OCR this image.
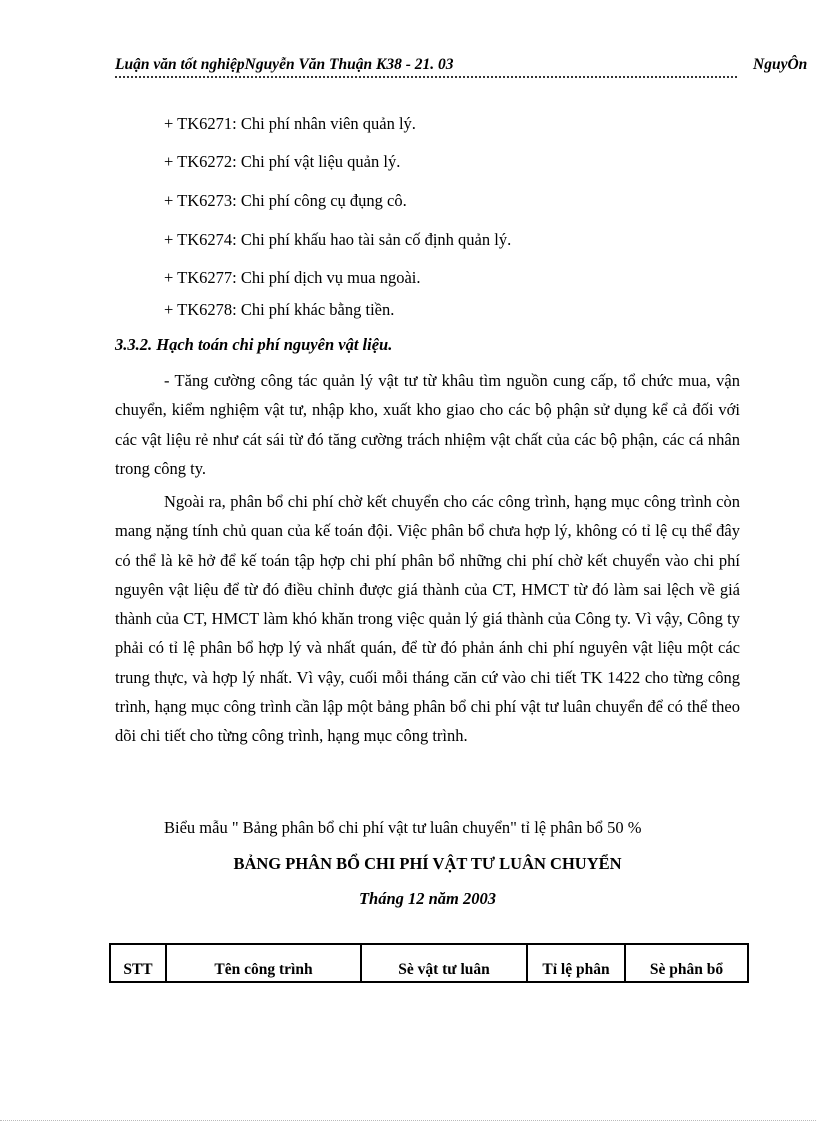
Luận văn tốt nghiệpNguyễn Văn Thuận K38 - 21. 03	NguyÔn
+ TK6271: Chi phí nhân viên quản lý.
+ TK6272: Chi phí vật liệu quản lý.
+ TK6273: Chi phí công cụ đụng cô.
+ TK6274: Chi phí khấu hao tài sản cố định quản lý.
+ TK6277: Chi phí dịch vụ mua ngoài.
+ TK6278: Chi phí khác bằng tiền.
3.3.2. Hạch toán chi phí nguyên vật liệu.

- Tăng cường công tác quản lý vật tư từ khâu tìm nguồn cung cấp, tổ chức mua, vận chuyển, kiểm nghiệm vật tư, nhập kho, xuất kho giao cho các bộ phận sử dụng kể cả đối với các vật liệu rẻ như cát sái từ đó tăng cường trách nhiệm vật chất của các bộ phận, các cá nhân trong công ty.

Ngoài ra, phân bổ chi phí chờ kết chuyển cho các công trình, hạng mục công trình còn mang nặng tính chủ quan của kế toán đội. Việc phân bổ chưa hợp lý, không có tỉ lệ cụ thể đây có thể là kẽ hở để kế toán tập hợp chi phí phân bổ những chi phí chờ kết chuyển vào chi phí nguyên vật liệu để từ đó điều chỉnh được giá thành của CT, HMCT từ đó làm sai lệch về giá thành của CT, HMCT làm khó khăn trong việc quản lý giá thành của Công ty. Vì vậy, Công ty phải có tỉ lệ phân bổ hợp lý và nhất quán, để từ đó phản ánh chi phí nguyên vật liệu một các trung thực, và hợp lý nhất. Vì vậy, cuối mỗi tháng căn cứ vào chi tiết TK 1422 cho từng công trình, hạng mục công trình cần lập một bảng phân bổ chi phí vật tư luân chuyển để có thể theo dõi chi tiết cho từng công trình, hạng mục công trình.

Biểu mẫu " Bảng phân bổ chi phí vật tư luân chuyển" tỉ lệ phân bổ 50 %
BẢNG PHÂN BỔ CHI PHÍ VẬT TƯ LUÂN CHUYỂN
Tháng 12 năm 2003
STT	Tên công trình	Sè vật tư luân	Tỉ lệ phân	Sè phân bổ
